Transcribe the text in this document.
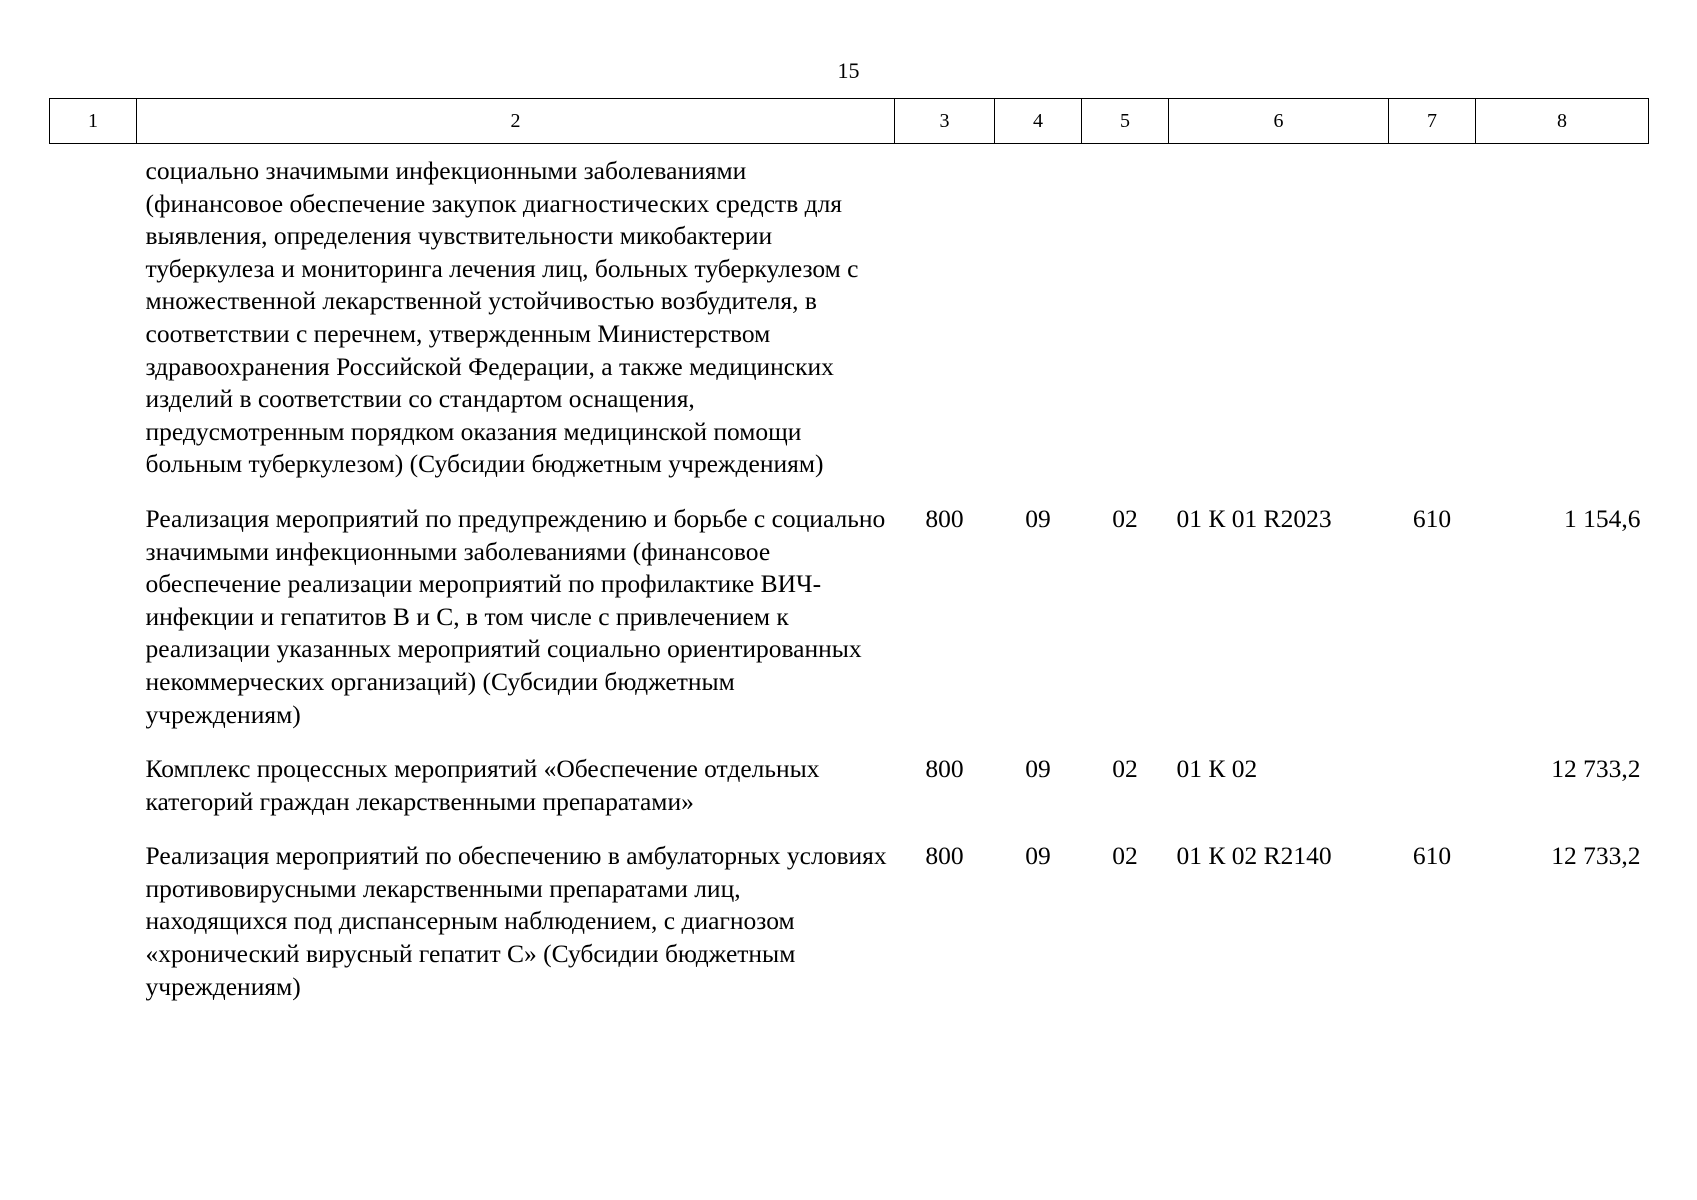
15
1	2	3	4	5	6	7	8
	социально значимыми инфекционными заболеваниями (финансовое обеспечение закупок диагностических средств для выявления, определения чувствительности микобактерии туберкулеза и мониторинга лечения лиц, больных туберкулезом с множественной лекарственной устойчивостью возбудителя, в соответствии с перечнем, утвержденным Министерством здравоохранения Российской Федерации, а также медицинских изделий в соответствии со стандартом оснащения, предусмотренным порядком оказания медицинской помощи больным туберкулезом) (Субсидии бюджетным учреждениям)						
	Реализация мероприятий по предупреждению и борьбе с социально значимыми инфекционными заболеваниями (финансовое обеспечение реализации мероприятий по профилактике ВИЧ-инфекции и гепатитов В и С, в том числе с привлечением к реализации указанных мероприятий социально ориентированных некоммерческих организаций) (Субсидии бюджетным учреждениям)	800	09	02	01 К 01 R2023	610	1 154,6
	Комплекс процессных мероприятий «Обеспечение отдельных категорий граждан лекарственными препаратами»	800	09	02	01 К 02		12 733,2
	Реализация мероприятий по обеспечению в амбулаторных условиях противовирусными лекарственными препаратами лиц, находящихся под диспансерным наблюдением, с диагнозом «хронический вирусный гепатит С» (Субсидии бюджетным учреждениям)	800	09	02	01 К 02 R2140	610	12 733,2
